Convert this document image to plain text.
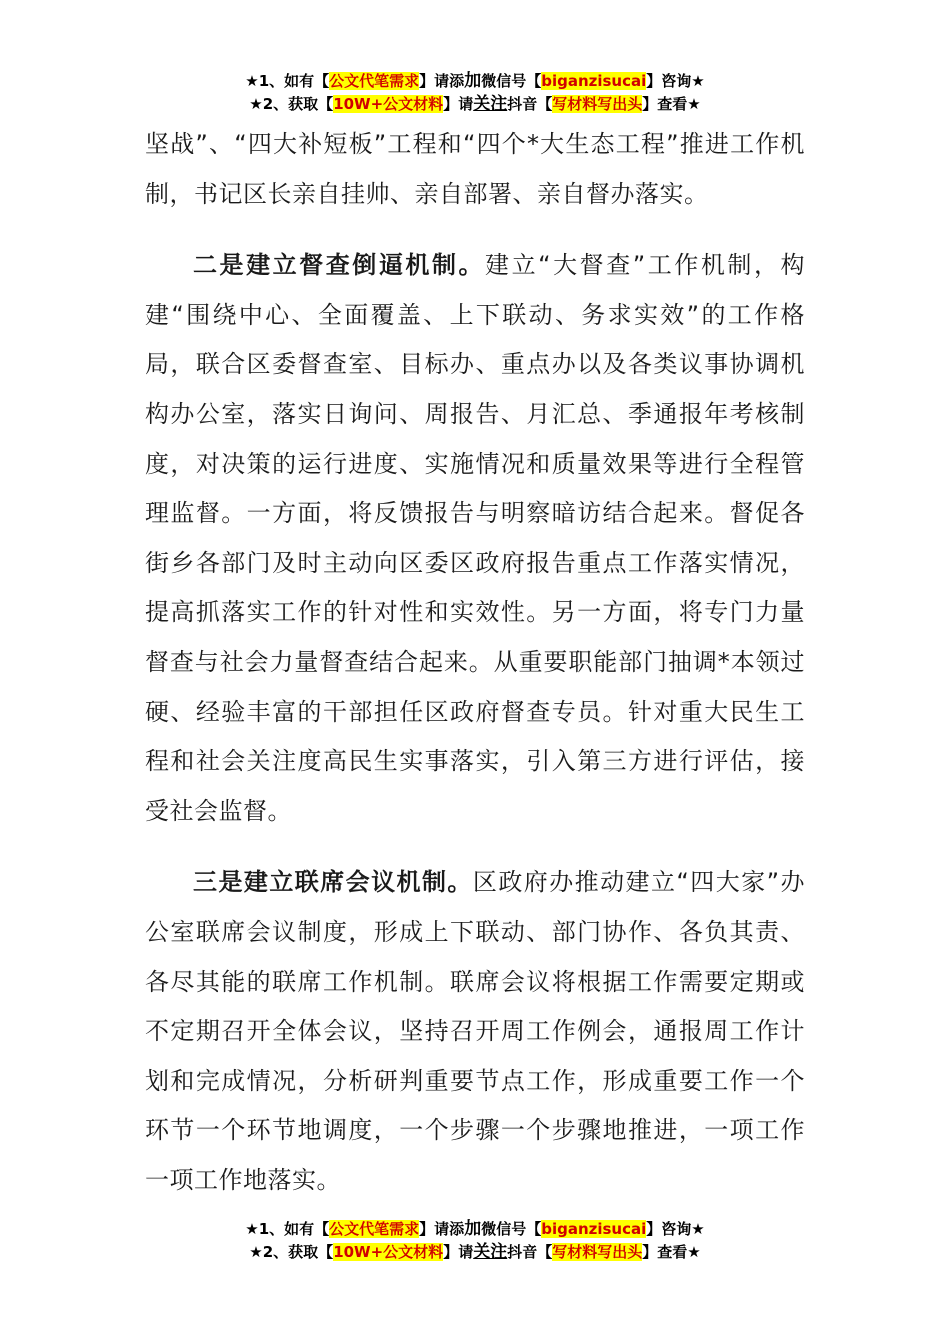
★1、如有【公文代笔需求】请添加微信号【biganzisucai】咨询★
★2、获取【10W+公文材料】请关注抖音【写材料写出头】查看★

坚战”、“四大补短板”工程和“四个*大生态工程”推进工作机制，书记区长亲自挂帅、亲自部署、亲自督办落实。

二是建立督查倒逼机制。建立“大督查”工作机制，构建“围绕中心、全面覆盖、上下联动、务求实效”的工作格局，联合区委督查室、目标办、重点办以及各类议事协调机构办公室，落实日询问、周报告、月汇总、季通报年考核制度，对决策的运行进度、实施情况和质量效果等进行全程管理监督。一方面，将反馈报告与明察暗访结合起来。督促各街乡各部门及时主动向区委区政府报告重点工作落实情况，提高抓落实工作的针对性和实效性。另一方面，将专门力量督查与社会力量督查结合起来。从重要职能部门抽调*本领过硬、经验丰富的干部担任区政府督查专员。针对重大民生工程和社会关注度高民生实事落实，引入第三方进行评估，接受社会监督。

三是建立联席会议机制。区政府办推动建立“四大家”办公室联席会议制度，形成上下联动、部门协作、各负其责、各尽其能的联席工作机制。联席会议将根据工作需要定期或不定期召开全体会议，坚持召开周工作例会，通报周工作计划和完成情况，分析研判重要节点工作，形成重要工作一个环节一个环节地调度，一个步骤一个步骤地推进，一项工作一项工作地落实。

★1、如有【公文代笔需求】请添加微信号【biganzisucai】咨询★
★2、获取【10W+公文材料】请关注抖音【写材料写出头】查看★
